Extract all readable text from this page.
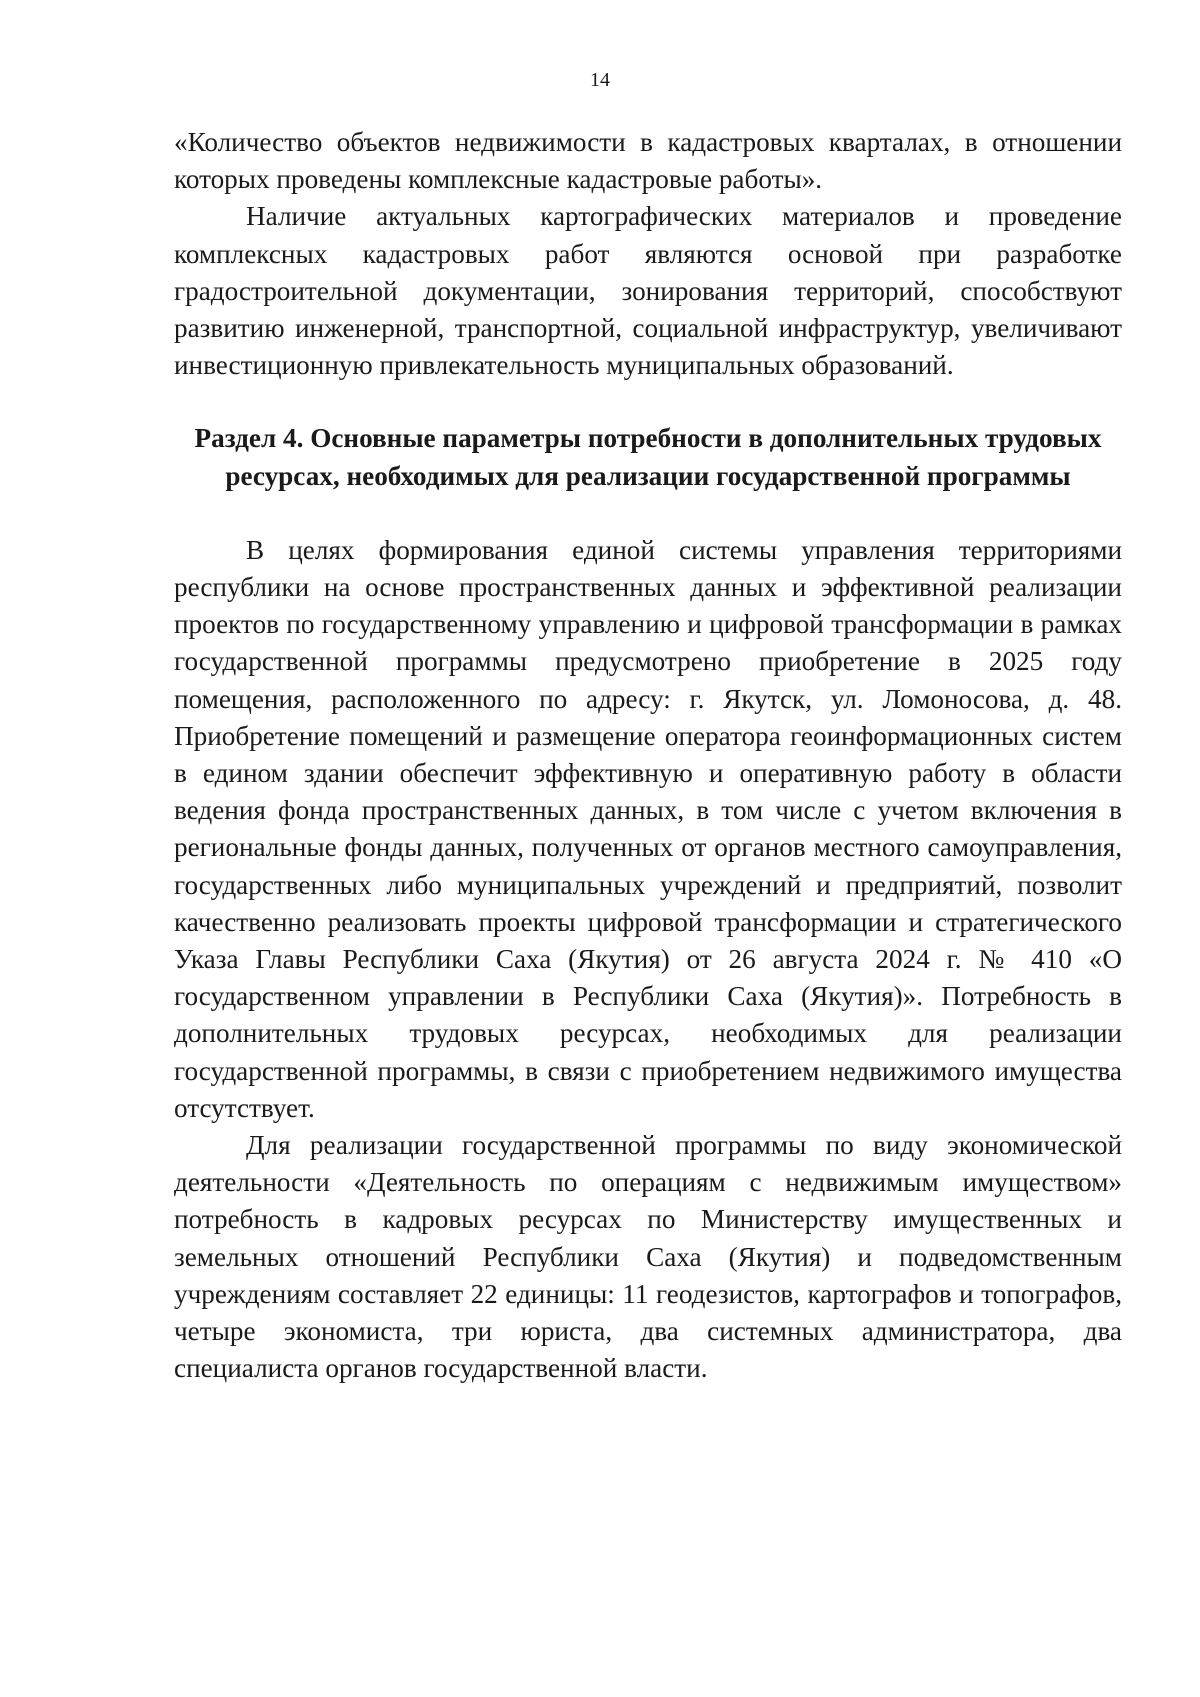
14

«Количество объектов недвижимости в кадастровых кварталах, в отношении которых проведены комплексные кадастровые работы».

Наличие актуальных картографических материалов и проведение комплексных кадастровых работ являются основой при разработке градостроительной документации, зонирования территорий, способствуют развитию инженерной, транспортной, социальной инфраструктур, увеличивают инвестиционную привлекательность муниципальных образований.

Раздел 4. Основные параметры потребности в дополнительных трудовых
ресурсах, необходимых для реализации государственной программы

В целях формирования единой системы управления территориями республики на основе пространственных данных и эффективной реализации проектов по государственному управлению и цифровой трансформации в рамках государственной программы предусмотрено приобретение в 2025 году помещения, расположенного по адресу: г. Якутск, ул. Ломоносова, д. 48. Приобретение помещений и размещение оператора геоинформационных систем в едином здании обеспечит эффективную и оперативную работу в области ведения фонда пространственных данных, в том числе с учетом включения в региональные фонды данных, полученных от органов местного самоуправления, государственных либо муниципальных учреждений и предприятий, позволит качественно реализовать проекты цифровой трансформации и стратегического Указа Главы Республики Саха (Якутия) от 26 августа 2024 г. № 410 «О государственном управлении в Республики Саха (Якутия)». Потребность в дополнительных трудовых ресурсах, необходимых для реализации государственной программы, в связи с приобретением недвижимого имущества отсутствует.

Для реализации государственной программы по виду экономической деятельности «Деятельность по операциям с недвижимым имуществом» потребность в кадровых ресурсах по Министерству имущественных и земельных отношений Республики Саха (Якутия) и подведомственным учреждениям составляет 22 единицы: 11 геодезистов, картографов и топографов, четыре экономиста, три юриста, два системных администратора, два специалиста органов государственной власти.
